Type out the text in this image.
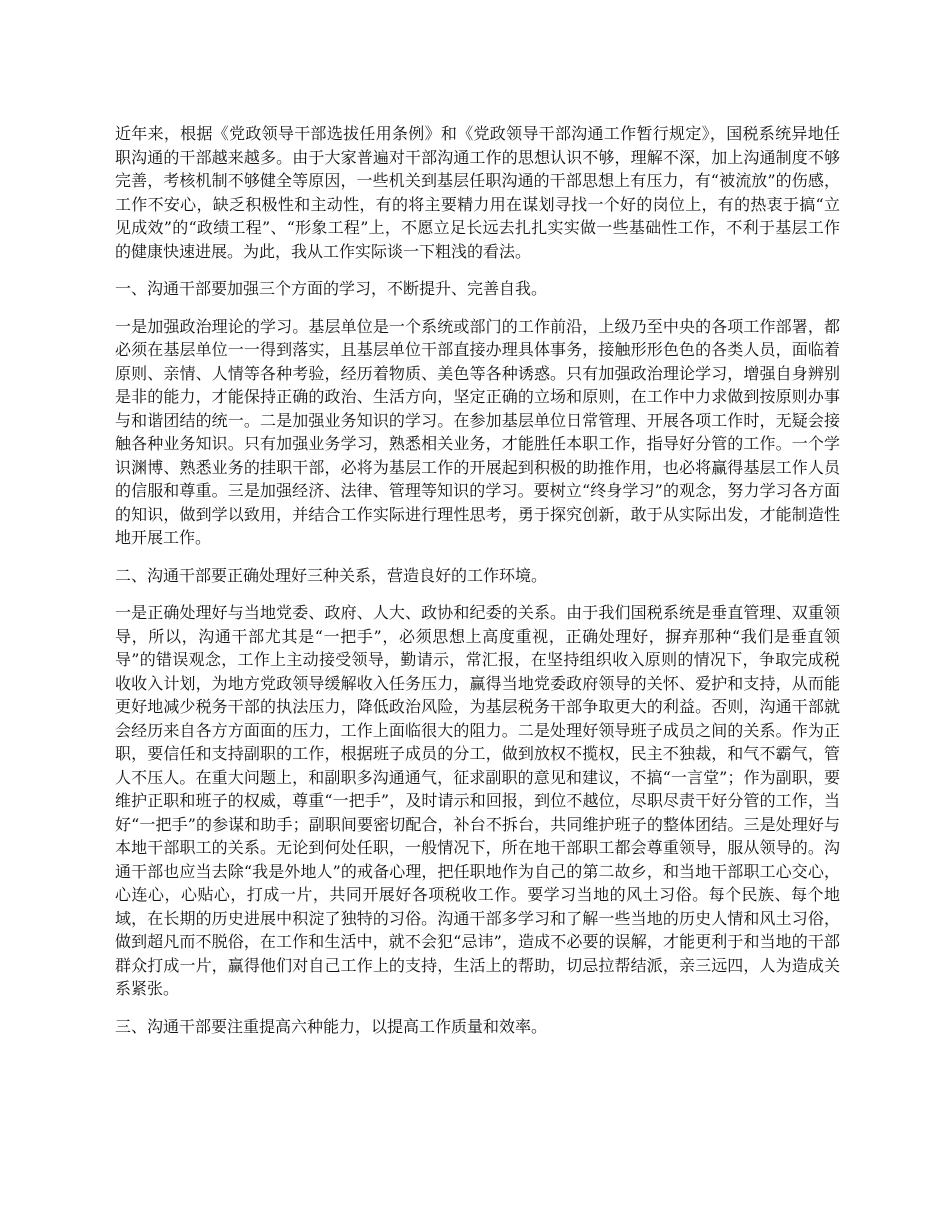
近年来，根据《党政领导干部选拔任用条例》和《党政领导干部沟通工作暂行规定》，国税系统异地任职沟通的干部越来越多。由于大家普遍对干部沟通工作的思想认识不够，理解不深，加上沟通制度不够完善，考核机制不够健全等原因，一些机关到基层任职沟通的干部思想上有压力，有“被流放”的伤感，工作不安心，缺乏积极性和主动性，有的将主要精力用在谋划寻找一个好的岗位上，有的热衷于搞“立见成效”的“政绩工程”、“形象工程”上，不愿立足长远去扎扎实实做一些基础性工作，不利于基层工作的健康快速进展。为此，我从工作实际谈一下粗浅的看法。

一、沟通干部要加强三个方面的学习，不断提升、完善自我。

一是加强政治理论的学习。基层单位是一个系统或部门的工作前沿，上级乃至中央的各项工作部署，都必须在基层单位一一得到落实，且基层单位干部直接办理具体事务，接触形形色色的各类人员，面临着原则、亲情、人情等各种考验，经历着物质、美色等各种诱惑。只有加强政治理论学习，增强自身辨别是非的能力，才能保持正确的政治、生活方向，坚定正确的立场和原则，在工作中力求做到按原则办事与和谐团结的统一。二是加强业务知识的学习。在参加基层单位日常管理、开展各项工作时，无疑会接触各种业务知识。只有加强业务学习，熟悉相关业务，才能胜任本职工作，指导好分管的工作。一个学识渊博、熟悉业务的挂职干部，必将为基层工作的开展起到积极的助推作用，也必将赢得基层工作人员的信服和尊重。三是加强经济、法律、管理等知识的学习。要树立“终身学习”的观念，努力学习各方面的知识，做到学以致用，并结合工作实际进行理性思考，勇于探究创新，敢于从实际出发，才能制造性地开展工作。

二、沟通干部要正确处理好三种关系，营造良好的工作环境。

一是正确处理好与当地党委、政府、人大、政协和纪委的关系。由于我们国税系统是垂直管理、双重领导，所以，沟通干部尤其是“一把手”，必须思想上高度重视，正确处理好，摒弃那种“我们是垂直领导”的错误观念，工作上主动接受领导，勤请示，常汇报，在坚持组织收入原则的情况下，争取完成税收收入计划，为地方党政领导缓解收入任务压力，赢得当地党委政府领导的关怀、爱护和支持，从而能更好地减少税务干部的执法压力，降低政治风险，为基层税务干部争取更大的利益。否则，沟通干部就会经历来自各方方面面的压力，工作上面临很大的阻力。二是处理好领导班子成员之间的关系。作为正职，要信任和支持副职的工作，根据班子成员的分工，做到放权不揽权，民主不独裁，和气不霸气，管人不压人。在重大问题上，和副职多沟通通气，征求副职的意见和建议，不搞“一言堂”；作为副职，要维护正职和班子的权威，尊重“一把手”，及时请示和回报，到位不越位，尽职尽责干好分管的工作，当好“一把手”的参谋和助手；副职间要密切配合，补台不拆台，共同维护班子的整体团结。三是处理好与本地干部职工的关系。无论到何处任职，一般情况下，所在地干部职工都会尊重领导，服从领导的。沟通干部也应当去除“我是外地人”的戒备心理，把任职地作为自己的第二故乡，和当地干部职工心交心，心连心，心贴心，打成一片，共同开展好各项税收工作。要学习当地的风土习俗。每个民族、每个地域，在长期的历史进展中积淀了独特的习俗。沟通干部多学习和了解一些当地的历史人情和风土习俗，做到超凡而不脱俗，在工作和生活中，就不会犯“忌讳”，造成不必要的误解，才能更利于和当地的干部群众打成一片，赢得他们对自己工作上的支持，生活上的帮助，切忌拉帮结派，亲三远四，人为造成关系紧张。

三、沟通干部要注重提高六种能力，以提高工作质量和效率。
